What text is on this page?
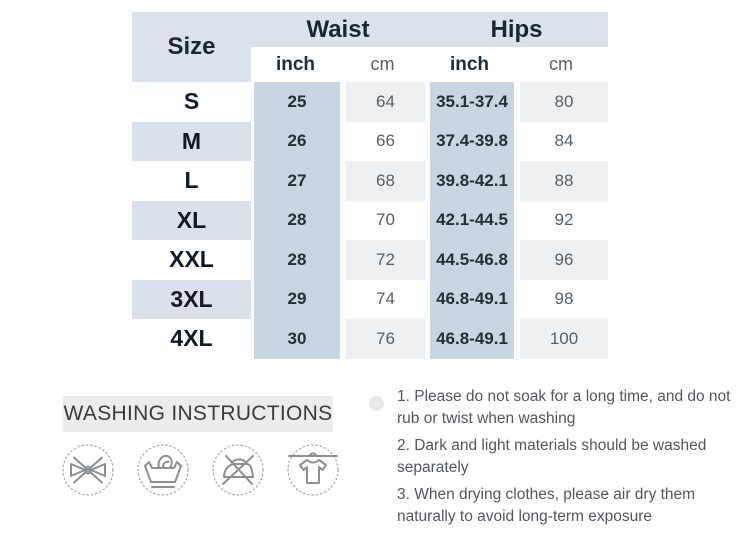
Size
Waist	Hips
inch	cm	inch	cm
S	25	64	35.1-37.4	80
M	26	66	37.4-39.8	84
L	27	68	39.8-42.1	88
XL	28	70	42.1-44.5	92
XXL	28	72	44.5-46.8	96
3XL	29	74	46.8-49.1	98
4XL	30	76	46.8-49.1	100
WASHING INSTRUCTIONS

1. Please do not soak for a long time, and do not rub or twist when washing

2. Dark and light materials should be washed separately

3. When drying clothes, please air dry them naturally to avoid long-term exposure
